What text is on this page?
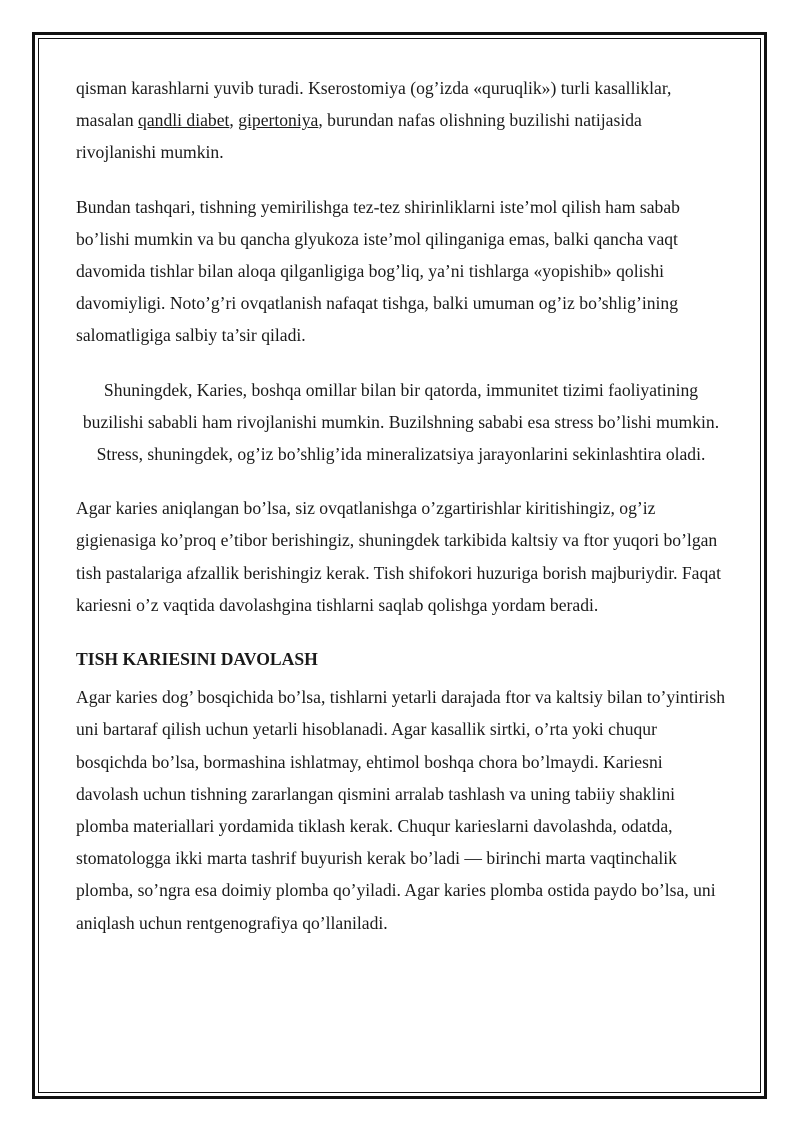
qisman karashlarni yuvib turadi. Kserostomiya (og’izda «quruqlik») turli kasalliklar, masalan qandli diabet, gipertoniya, burundan nafas olishning buzilishi natijasida rivojlanishi mumkin.

Bundan tashqari, tishning yemirilishga tez-tez shirinliklarni iste’mol qilish ham sabab bo’lishi mumkin va bu qancha glyukoza iste’mol qilinganiga emas, balki qancha vaqt davomida tishlar bilan aloqa qilganligiga bog’liq, ya’ni tishlarga «yopishib» qolishi davomiyligi. Noto’g’ri ovqatlanish nafaqat tishga, balki umuman og’iz bo’shlig’ining salomatligiga salbiy ta’sir qiladi.

Shuningdek, Karies, boshqa omillar bilan bir qatorda, immunitet tizimi faoliyatining buzilishi sababli ham rivojlanishi mumkin. Buzilshning sababi esa stress bo’lishi mumkin. Stress, shuningdek, og’iz bo’shlig’ida mineralizatsiya jarayonlarini sekinlashtira oladi.

Agar karies aniqlangan bo’lsa, siz ovqatlanishga o’zgartirishlar kiritishingiz, og’iz gigienasiga ko’proq e’tibor berishingiz, shuningdek tarkibida kaltsiy va ftor yuqori bo’lgan tish pastalariga afzallik berishingiz kerak. Tish shifokori huzuriga borish majburiydir. Faqat kariesni o’z vaqtida davolashgina tishlarni saqlab qolishga yordam beradi.

TISH KARIESINI DAVOLASH

Agar karies dog’ bosqichida bo’lsa, tishlarni yetarli darajada ftor va kaltsiy bilan to’yintirish uni bartaraf qilish uchun yetarli hisoblanadi. Agar kasallik sirtki, o’rta yoki chuqur bosqichda bo’lsa, bormashina ishlatmay, ehtimol boshqa chora bo’lmaydi. Kariesni davolash uchun tishning zararlangan qismini arralab tashlash va uning tabiiy shaklini plomba materiallari yordamida tiklash kerak. Chuqur karieslarni davolashda, odatda, stomatologga ikki marta tashrif buyurish kerak bo’ladi — birinchi marta vaqtinchalik plomba, so’ngra esa doimiy plomba qo’yiladi. Agar karies plomba ostida paydo bo’lsa, uni aniqlash uchun rentgenografiya qo’llaniladi.
